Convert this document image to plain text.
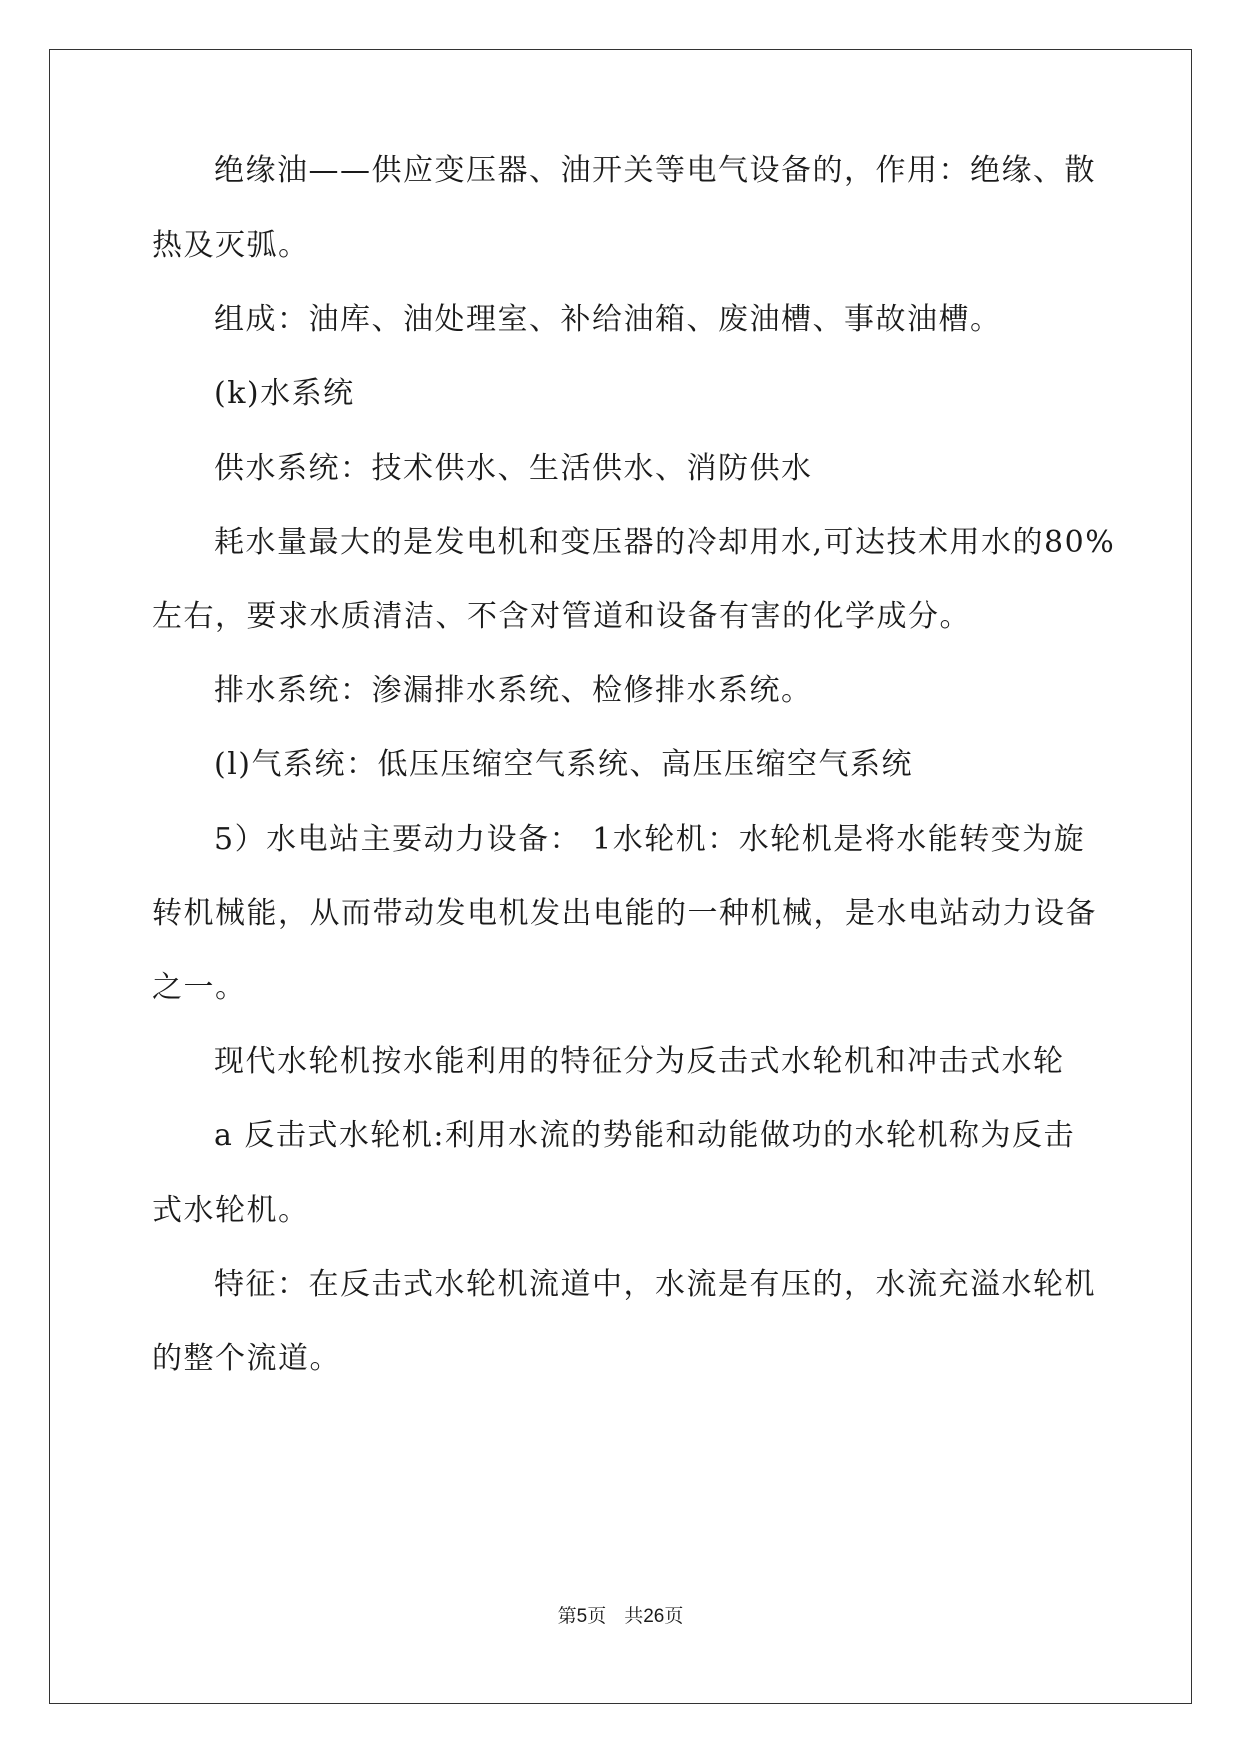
绝缘油——供应变压器、油开关等电气设备的，作用：绝缘、散
热及灭弧。
组成：油库、油处理室、补给油箱、废油槽、事故油槽。
(k)水系统
供水系统：技术供水、生活供水、消防供水
耗水量最大的是发电机和变压器的冷却用水,可达技术用水的80%
左右，要求水质清洁、不含对管道和设备有害的化学成分。
排水系统：渗漏排水系统、检修排水系统。
(l)气系统：低压压缩空气系统、高压压缩空气系统
5）水电站主要动力设备： 1水轮机：水轮机是将水能转变为旋
转机械能，从而带动发电机发出电能的一种机械，是水电站动力设备
之一。
现代水轮机按水能利用的特征分为反击式水轮机和冲击式水轮
a 反击式水轮机:利用水流的势能和动能做功的水轮机称为反击
式水轮机。
特征：在反击式水轮机流道中，水流是有压的，水流充溢水轮机
的整个流道。
第5页 共26页
